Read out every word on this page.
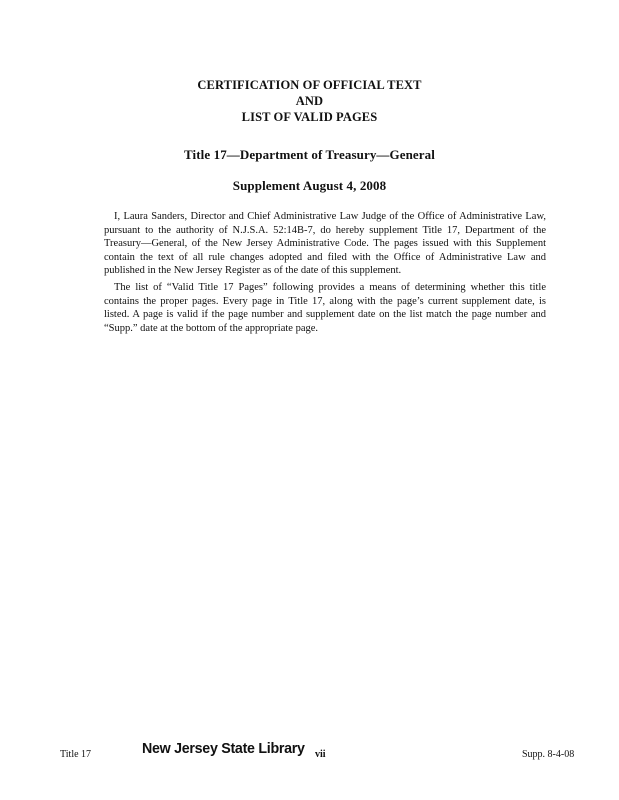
CERTIFICATION OF OFFICIAL TEXT
AND
LIST OF VALID PAGES
Title 17—Department of Treasury—General
Supplement August 4, 2008

I, Laura Sanders, Director and Chief Administrative Law Judge of the Office of Administrative Law, pursuant to the authority of N.J.S.A. 52:14B-7, do hereby supplement Title 17, Department of the Treasury—General, of the New Jersey Administrative Code. The pages issued with this Supplement contain the text of all rule changes adopted and filed with the Office of Administrative Law and published in the New Jersey Register as of the date of this supplement.

The list of “Valid Title 17 Pages” following provides a means of determining whether this title contains the proper pages. Every page in Title 17, along with the page’s current supplement date, is listed. A page is valid if the page number and supplement date on the list match the page number and “Supp.” date at the bottom of the appropriate page.

Title 17	New Jersey State Library vii	Supp. 8-4-08
